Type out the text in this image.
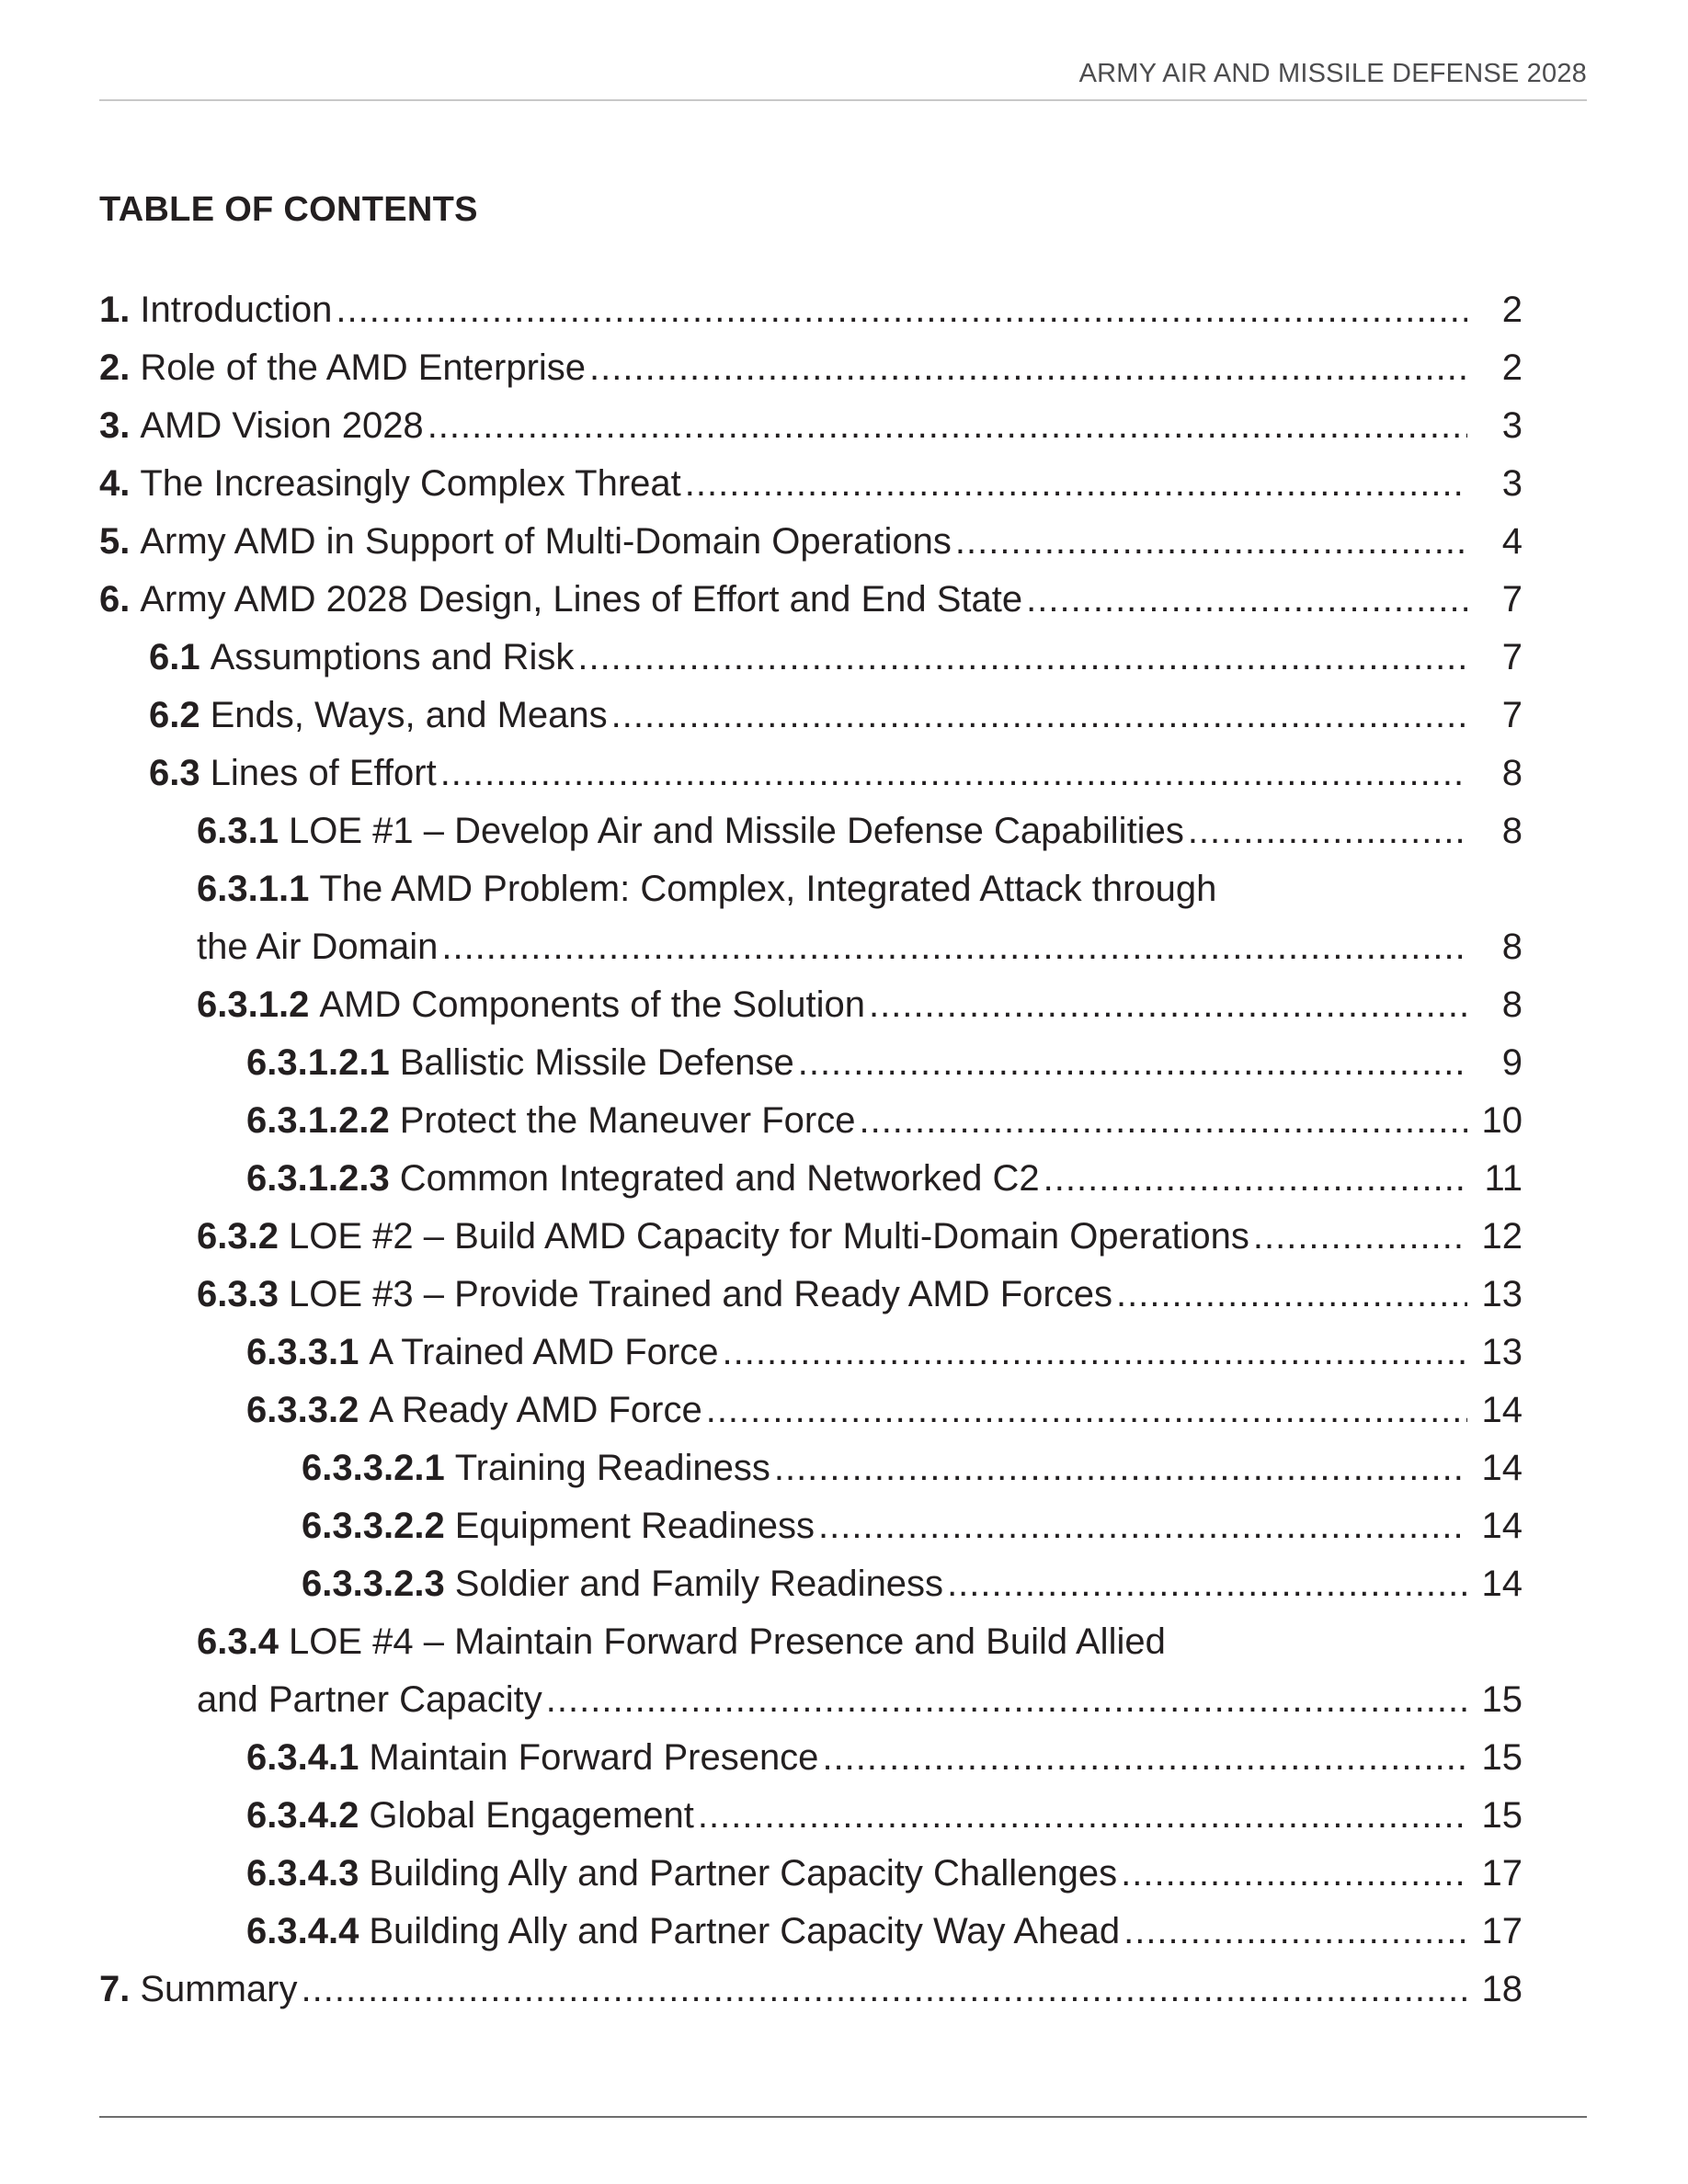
ARMY AIR AND MISSILE DEFENSE 2028
TABLE OF CONTENTS
1. Introduction .....	2
2. Role of the AMD Enterprise .....	2
3. AMD Vision 2028 .....	3
4. The Increasingly Complex Threat .....	3
5. Army AMD in Support of Multi-Domain Operations .....	4
6. Army AMD 2028 Design, Lines of Effort and End State .....	7
6.1 Assumptions and Risk .....	7
6.2 Ends, Ways, and Means .....	7
6.3 Lines of Effort .....	8
6.3.1 LOE #1 – Develop Air and Missile Defense Capabilities .....	8
6.3.1.1 The AMD Problem: Complex, Integrated Attack through
the Air Domain .....	8
6.3.1.2 AMD Components of the Solution .....	8
6.3.1.2.1 Ballistic Missile Defense .....	9
6.3.1.2.2 Protect the Maneuver Force .....	10
6.3.1.2.3 Common Integrated and Networked C2 .....	11
6.3.2 LOE #2 – Build AMD Capacity for Multi-Domain Operations .....	12
6.3.3 LOE #3 – Provide Trained and Ready AMD Forces .....	13
6.3.3.1 A Trained AMD Force .....	13
6.3.3.2 A Ready AMD Force .....	14
6.3.3.2.1 Training Readiness .....	14
6.3.3.2.2 Equipment Readiness .....	14
6.3.3.2.3 Soldier and Family Readiness .....	14
6.3.4 LOE #4 – Maintain Forward Presence and Build Allied
and Partner Capacity .....	15
6.3.4.1 Maintain Forward Presence .....	15
6.3.4.2 Global Engagement .....	15
6.3.4.3 Building Ally and Partner Capacity Challenges .....	17
6.3.4.4 Building Ally and Partner Capacity Way Ahead .....	17
7. Summary .....	18
